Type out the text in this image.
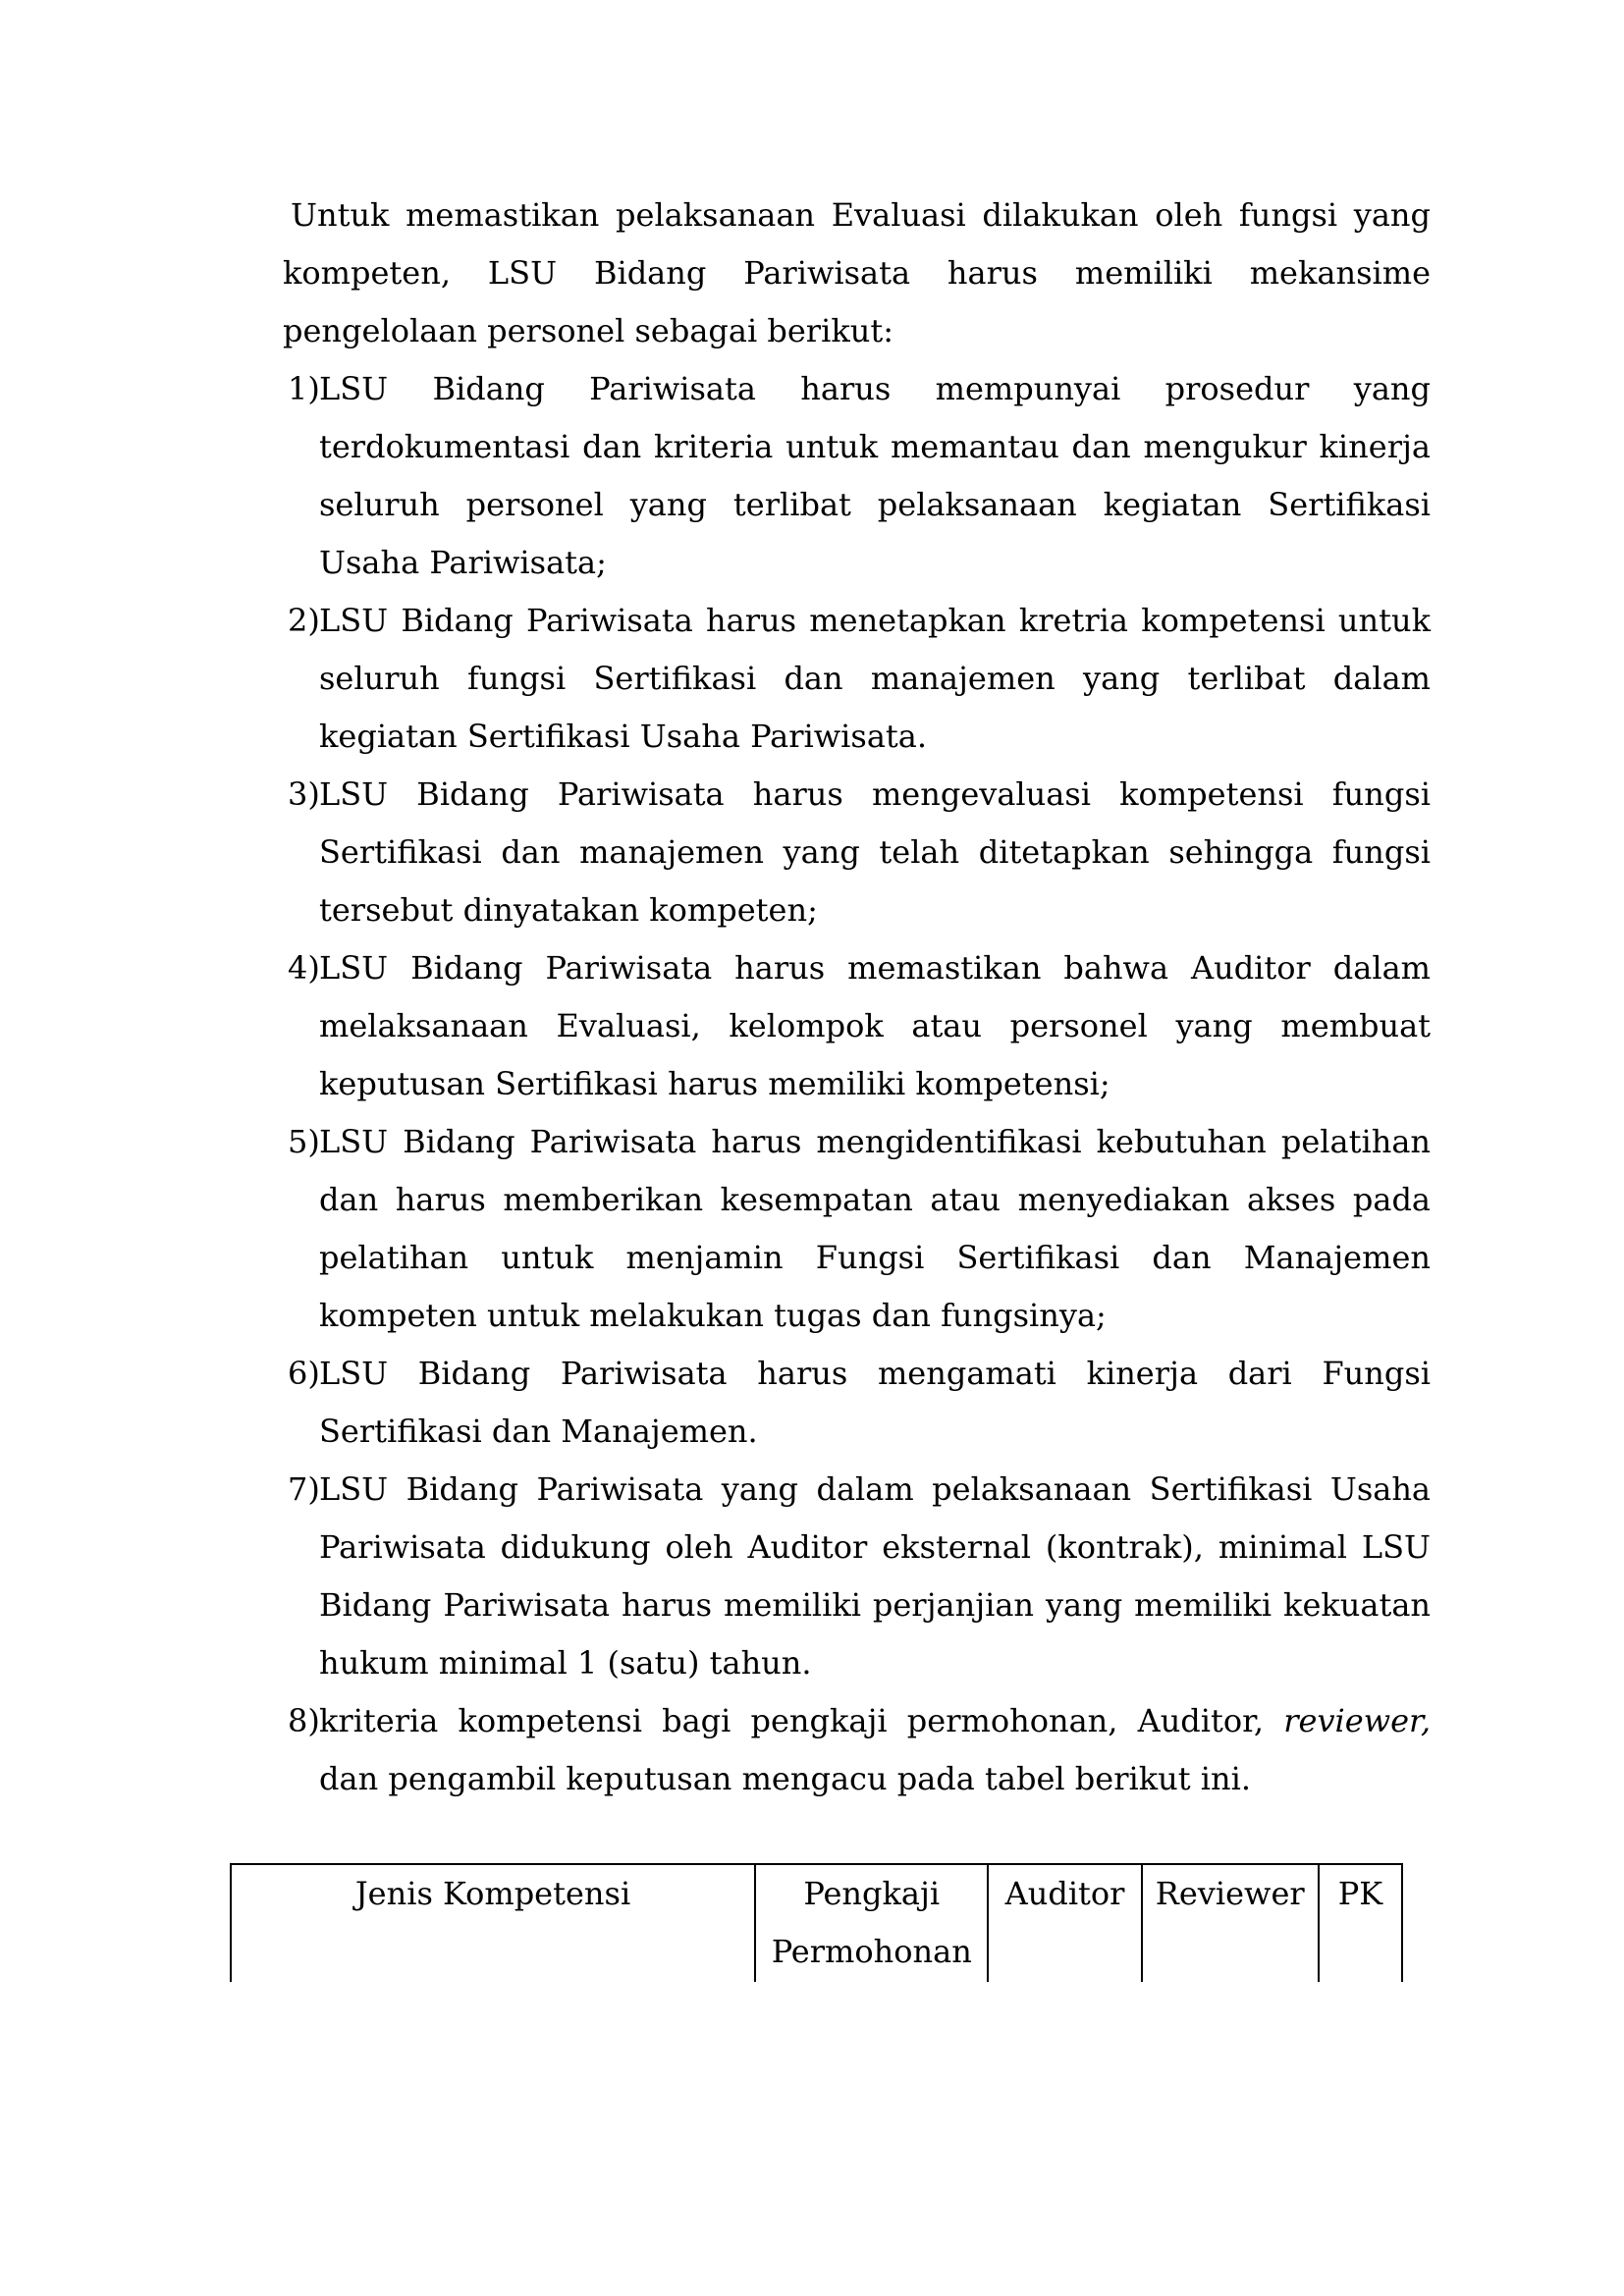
Untuk memastikan pelaksanaan Evaluasi dilakukan oleh fungsi yang kompeten, LSU Bidang Pariwisata harus memiliki mekansime pengelolaan personel sebagai berikut:

1)LSU Bidang Pariwisata harus mempunyai prosedur yang terdokumentasi dan kriteria untuk memantau dan mengukur kinerja seluruh personel yang terlibat pelaksanaan kegiatan Sertifikasi Usaha Pariwisata;

2)LSU Bidang Pariwisata harus menetapkan kretria kompetensi untuk seluruh fungsi Sertifikasi dan manajemen yang terlibat dalam kegiatan Sertifikasi Usaha Pariwisata.

3)LSU Bidang Pariwisata harus mengevaluasi kompetensi fungsi Sertifikasi dan manajemen yang telah ditetapkan sehingga fungsi tersebut dinyatakan kompeten;

4)LSU Bidang Pariwisata harus memastikan bahwa Auditor dalam melaksanaan Evaluasi, kelompok atau personel yang membuat keputusan Sertifikasi harus memiliki kompetensi;

5)LSU Bidang Pariwisata harus mengidentifikasi kebutuhan pelatihan dan harus memberikan kesempatan atau menyediakan akses pada pelatihan untuk menjamin Fungsi Sertifikasi dan Manajemen kompeten untuk melakukan tugas dan fungsinya;

6)LSU Bidang Pariwisata harus mengamati kinerja dari Fungsi Sertifikasi dan Manajemen.

7)LSU Bidang Pariwisata yang dalam pelaksanaan Sertifikasi Usaha Pariwisata didukung oleh Auditor eksternal (kontrak), minimal LSU Bidang Pariwisata harus memiliki perjanjian yang memiliki kekuatan hukum minimal 1 (satu) tahun.

8)kriteria kompetensi bagi pengkaji permohonan, Auditor, reviewer, dan pengambil keputusan mengacu pada tabel berikut ini.

Jenis Kompetensi	Pengkaji Permohonan	Auditor	Reviewer	PK
